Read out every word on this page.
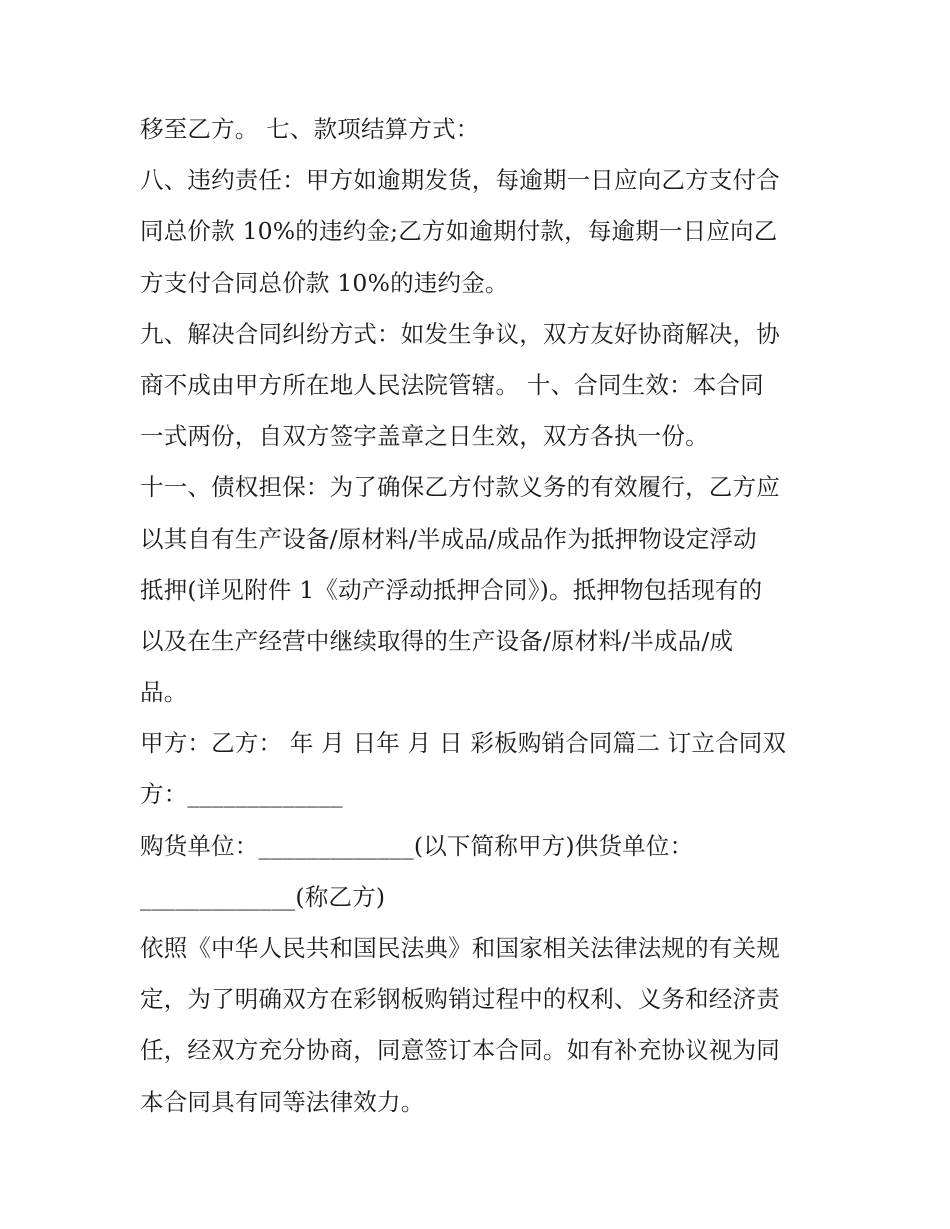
移至乙方。 七、款项结算方式：
八、违约责任：甲方如逾期发货，每逾期一日应向乙方支付合
同总价款 10%的违约金;乙方如逾期付款，每逾期一日应向乙
方支付合同总价款 10%的违约金。
九、解决合同纠纷方式：如发生争议，双方友好协商解决，协
商不成由甲方所在地人民法院管辖。 十、合同生效：本合同
一式两份，自双方签字盖章之日生效，双方各执一份。
十一、债权担保：为了确保乙方付款义务的有效履行，乙方应
以其自有生产设备/原材料/半成品/成品作为抵押物设定浮动
抵押(详见附件 1《动产浮动抵押合同》)。抵押物包括现有的
以及在生产经营中继续取得的生产设备/原材料/半成品/成
品。
甲方：乙方： 年 月 日年 月 日 彩板购销合同篇二 订立合同双
方：_____________
购货单位：_____________(以下简称甲方)供货单位：
_____________(称乙方)
依照《中华人民共和国民法典》和国家相关法律法规的有关规
定，为了明确双方在彩钢板购销过程中的权利、义务和经济责
任，经双方充分协商，同意签订本合同。如有补充协议视为同
本合同具有同等法律效力。
